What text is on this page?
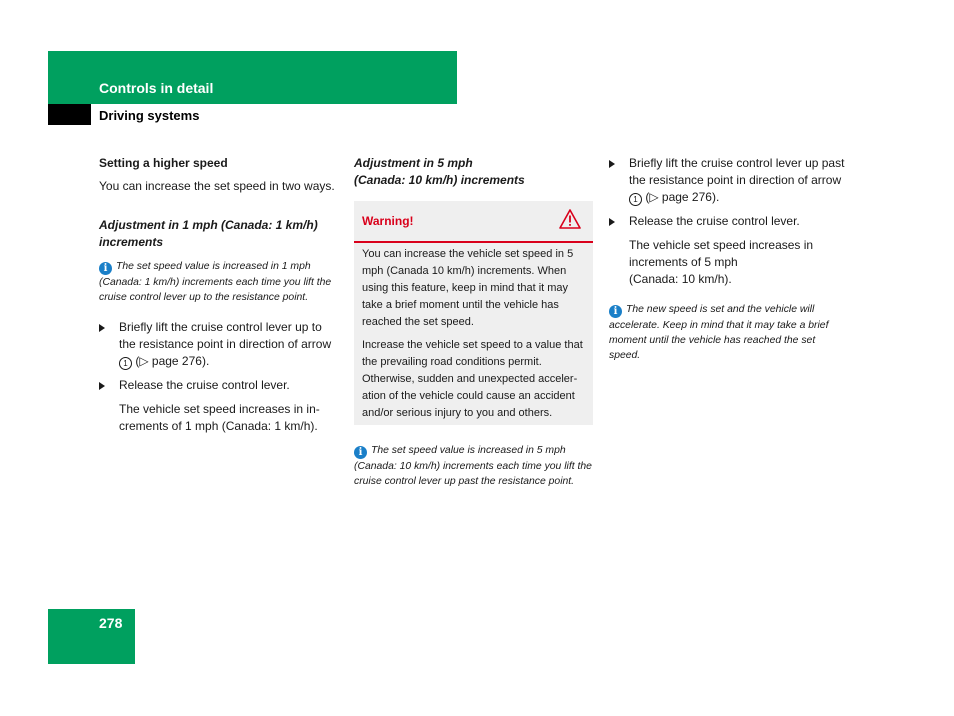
Controls in detail
Driving systems

Setting a higher speed

You can increase the set speed in two ways.

Adjustment in 1 mph (Canada: 1 km/h) increments

i The set speed value is increased in 1 mph (Canada: 1 km/h) increments each time you lift the cruise control lever up to the resistance point.

Briefly lift the cruise control lever up to the resistance point in direction of arrow 1 (▷ page 276).

Release the cruise control lever.

The vehicle set speed increases in in-crements of 1 mph (Canada: 1 km/h).

Adjustment in 5 mph

(Canada: 10 km/h) increments

Warning!

You can increase the vehicle set speed in 5 mph (Canada 10 km/h) increments. When using this feature, keep in mind that it may take a brief moment until the vehicle has reached the set speed.

Increase the vehicle set speed to a value that the prevailing road conditions permit. Otherwise, sudden and unexpected acceler-ation of the vehicle could cause an accident and/or serious injury to you and others.

i The set speed value is increased in 5 mph (Canada: 10 km/h) increments each time you lift the cruise control lever up past the resistance point.

Briefly lift the cruise control lever up past the resistance point in direction of arrow 1 (▷ page 276).

Release the cruise control lever.

The vehicle set speed increases in increments of 5 mph

(Canada: 10 km/h).

i The new speed is set and the vehicle will accelerate. Keep in mind that it may take a brief moment until the vehicle has reached the set speed.

278
